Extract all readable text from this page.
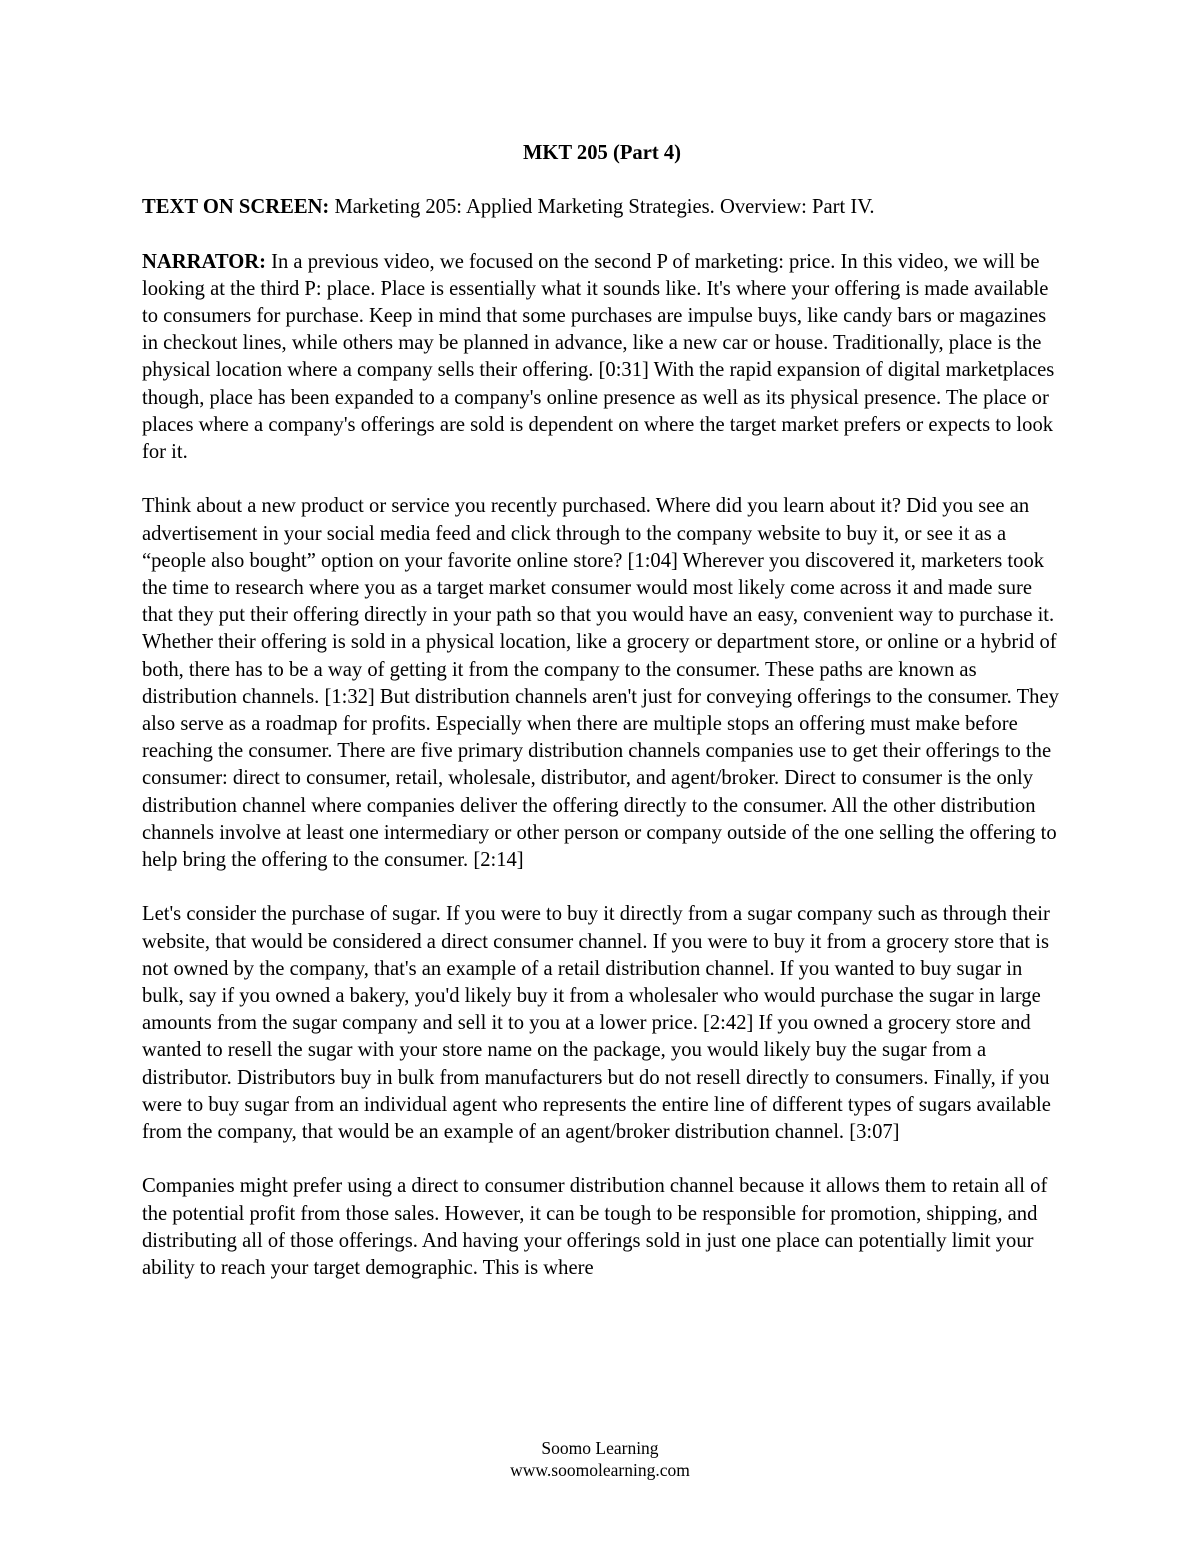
MKT 205 (Part 4)

TEXT ON SCREEN: Marketing 205: Applied Marketing Strategies. Overview: Part IV.

NARRATOR: In a previous video, we focused on the second P of marketing: price. In this video, we will be looking at the third P: place. Place is essentially what it sounds like. It's where your offering is made available to consumers for purchase. Keep in mind that some purchases are impulse buys, like candy bars or magazines in checkout lines, while others may be planned in advance, like a new car or house. Traditionally, place is the physical location where a company sells their offering. [0:31] With the rapid expansion of digital marketplaces though, place has been expanded to a company's online presence as well as its physical presence. The place or places where a company's offerings are sold is dependent on where the target market prefers or expects to look for it.

Think about a new product or service you recently purchased. Where did you learn about it? Did you see an advertisement in your social media feed and click through to the company website to buy it, or see it as a “people also bought” option on your favorite online store? [1:04] Wherever you discovered it, marketers took the time to research where you as a target market consumer would most likely come across it and made sure that they put their offering directly in your path so that you would have an easy, convenient way to purchase it. Whether their offering is sold in a physical location, like a grocery or department store, or online or a hybrid of both, there has to be a way of getting it from the company to the consumer. These paths are known as distribution channels. [1:32] But distribution channels aren't just for conveying offerings to the consumer. They also serve as a roadmap for profits. Especially when there are multiple stops an offering must make before reaching the consumer. There are five primary distribution channels companies use to get their offerings to the consumer: direct to consumer, retail, wholesale, distributor, and agent/broker. Direct to consumer is the only distribution channel where companies deliver the offering directly to the consumer. All the other distribution channels involve at least one intermediary or other person or company outside of the one selling the offering to help bring the offering to the consumer. [2:14]

Let's consider the purchase of sugar. If you were to buy it directly from a sugar company such as through their website, that would be considered a direct consumer channel. If you were to buy it from a grocery store that is not owned by the company, that's an example of a retail distribution channel. If you wanted to buy sugar in bulk, say if you owned a bakery, you'd likely buy it from a wholesaler who would purchase the sugar in large amounts from the sugar company and sell it to you at a lower price. [2:42] If you owned a grocery store and wanted to resell the sugar with your store name on the package, you would likely buy the sugar from a distributor. Distributors buy in bulk from manufacturers but do not resell directly to consumers. Finally, if you were to buy sugar from an individual agent who represents the entire line of different types of sugars available from the company, that would be an example of an agent/broker distribution channel. [3:07]

Companies might prefer using a direct to consumer distribution channel because it allows them to retain all of the potential profit from those sales. However, it can be tough to be responsible for promotion, shipping, and distributing all of those offerings. And having your offerings sold in just one place can potentially limit your ability to reach your target demographic. This is where

Soomo Learning
www.soomolearning.com
